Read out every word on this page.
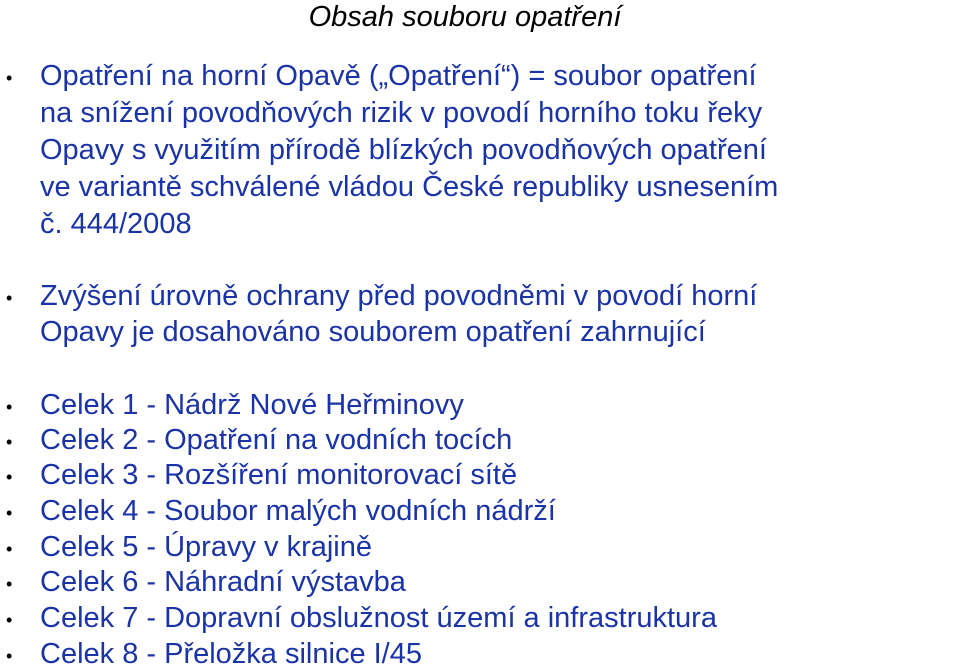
Obsah souboru opatření
• Opatření na horní Opavě („Opatření“) = soubor opatření
na snížení povodňových rizik v povodí horního toku řeky
Opavy s využitím přírodě blízkých povodňových opatření
ve variantě schválené vládou České republiky usnesením
č. 444/2008
• Zvýšení úrovně ochrany před povodněmi v povodí horní
Opavy je dosahováno souborem opatření zahrnující
• Celek 1 - Nádrž Nové Heřminovy
• Celek 2 - Opatření na vodních tocích
• Celek 3 - Rozšíření monitorovací sítě
• Celek 4 - Soubor malých vodních nádrží
• Celek 5 - Úpravy v krajině
• Celek 6 - Náhradní výstavba
• Celek 7 - Dopravní obslužnost území a infrastruktura
• Celek 8 - Přeložka silnice I/45
